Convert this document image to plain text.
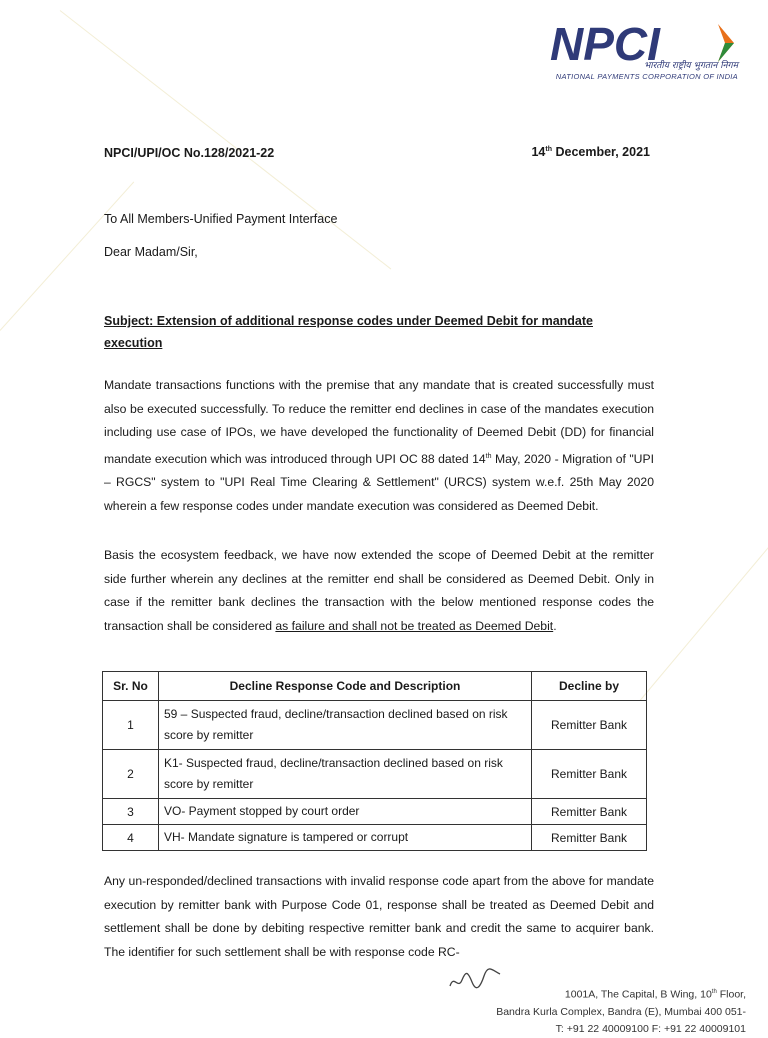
NPCI
भारतीय राष्ट्रीय भुगतान निगम
NATIONAL PAYMENTS CORPORATION OF INDIA
NPCI/UPI/OC No.128/2021-22	14th December, 2021
To All Members-Unified Payment Interface
Dear Madam/Sir,
Subject: Extension of additional response codes under Deemed Debit for mandate execution
Mandate transactions functions with the premise that any mandate that is created successfully must also be executed successfully. To reduce the remitter end declines in case of the mandates execution including use case of IPOs, we have developed the functionality of Deemed Debit (DD) for financial mandate execution which was introduced through UPI OC 88 dated 14th May, 2020 - Migration of "UPI – RGCS" system to "UPI Real Time Clearing & Settlement" (URCS) system w.e.f. 25th May 2020 wherein a few response codes under mandate execution was considered as Deemed Debit.
Basis the ecosystem feedback, we have now extended the scope of Deemed Debit at the remitter side further wherein any declines at the remitter end shall be considered as Deemed Debit. Only in case if the remitter bank declines the transaction with the below mentioned response codes the transaction shall be considered as failure and shall not be treated as Deemed Debit.
Sr. No	Decline Response Code and Description	Decline by
1	59 – Suspected fraud, decline/transaction declined based on risk score by remitter	Remitter Bank
2	K1- Suspected fraud, decline/transaction declined based on risk score by remitter	Remitter Bank
3	VO- Payment stopped by court order	Remitter Bank
4	VH- Mandate signature is tampered or corrupt	Remitter Bank
Any un-responded/declined transactions with invalid response code apart from the above for mandate execution by remitter bank with Purpose Code 01, response shall be treated as Deemed Debit and settlement shall be done by debiting respective remitter bank and credit the same to acquirer bank. The identifier for such settlement shall be with response code RC-
1001A, The Capital, B Wing, 10th Floor,
Bandra Kurla Complex, Bandra (E), Mumbai 400 051-
T: +91 22 40009100 F: +91 22 40009101
